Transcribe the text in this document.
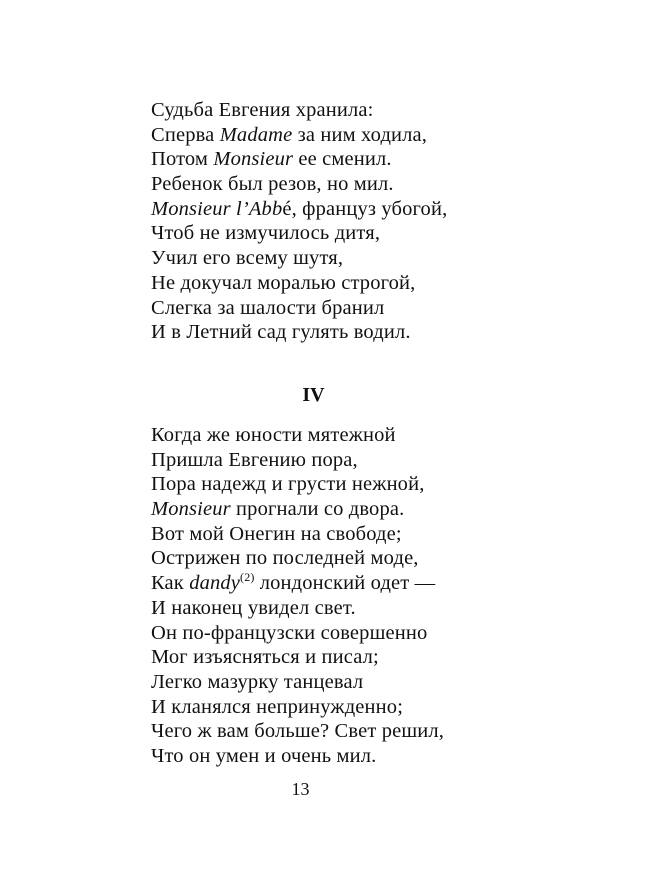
Судьба Евгения хранила:
Сперва Madame за ним ходила,
Потом Monsieur ее сменил.
Ребенок был резов, но мил.
Monsieur l’Abbé, француз убогой,
Чтоб не измучилось дитя,
Учил его всему шутя,
Не докучал моралью строгой,
Слегка за шалости бранил
И в Летний сад гулять водил.
IV
Когда же юности мятежной
Пришла Евгению пора,
Пора надежд и грусти нежной,
Monsieur прогнали со двора.
Вот мой Онегин на свободе;
Острижен по последней моде,
Как dandy$^{(2)}$ лондонский одет —
И наконец увидел свет.
Он по-французски совершенно
Мог изъясняться и писал;
Легко мазурку танцевал
И кланялся непринужденно;
Чего ж вам больше? Свет решил,
Что он умен и очень мил.
13
